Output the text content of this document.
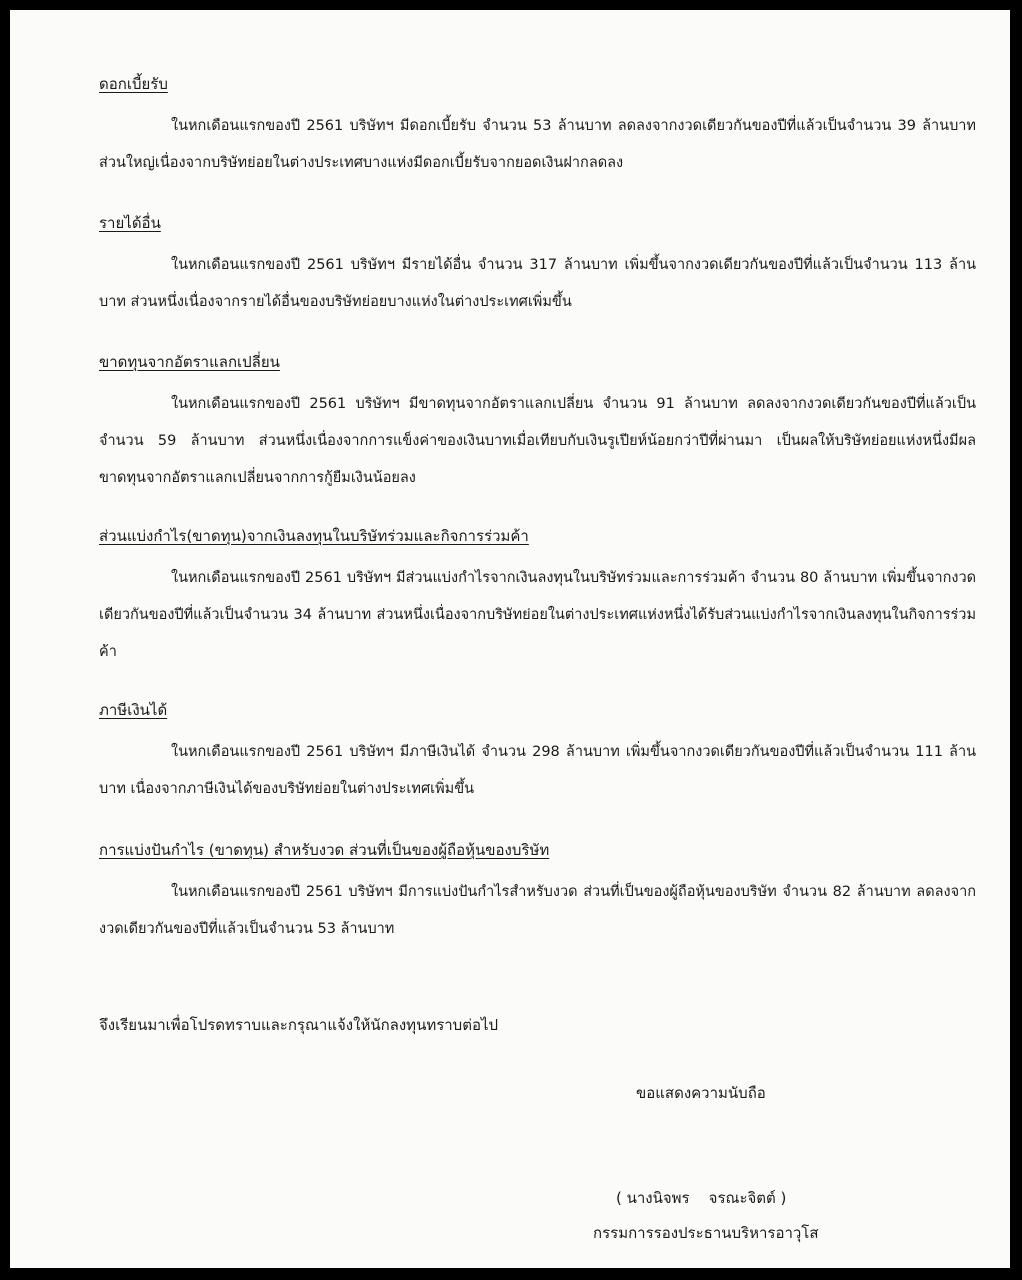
ดอกเบี้ยรับ

ในหกเดือนแรกของปี 2561 บริษัทฯ มีดอกเบี้ยรับ จำนวน 53 ล้านบาท ลดลงจากงวดเดียวกันของปีที่แล้วเป็นจำนวน 39 ล้านบาท ส่วนใหญ่เนื่องจากบริษัทย่อยในต่างประเทศบางแห่งมีดอกเบี้ยรับจากยอดเงินฝากลดลง

รายได้อื่น

ในหกเดือนแรกของปี 2561 บริษัทฯ มีรายได้อื่น จำนวน 317 ล้านบาท เพิ่มขึ้นจากงวดเดียวกันของปีที่แล้วเป็นจำนวน 113 ล้านบาท ส่วนหนึ่งเนื่องจากรายได้อื่นของบริษัทย่อยบางแห่งในต่างประเทศเพิ่มขึ้น

ขาดทุนจากอัตราแลกเปลี่ยน

ในหกเดือนแรกของปี 2561 บริษัทฯ มีขาดทุนจากอัตราแลกเปลี่ยน จำนวน 91 ล้านบาท ลดลงจากงวดเดียวกันของปีที่แล้วเป็นจำนวน 59 ล้านบาท ส่วนหนึ่งเนื่องจากการแข็งค่าของเงินบาทเมื่อเทียบกับเงินรูเปียห์น้อยกว่าปีที่ผ่านมา เป็นผลให้บริษัทย่อยแห่งหนึ่งมีผลขาดทุนจากอัตราแลกเปลี่ยนจากการกู้ยืมเงินน้อยลง

ส่วนแบ่งกำไร(ขาดทุน)จากเงินลงทุนในบริษัทร่วมและกิจการร่วมค้า

ในหกเดือนแรกของปี 2561 บริษัทฯ มีส่วนแบ่งกำไรจากเงินลงทุนในบริษัทร่วมและการร่วมค้า จำนวน 80 ล้านบาท เพิ่มขึ้นจากงวดเดียวกันของปีที่แล้วเป็นจำนวน 34 ล้านบาท ส่วนหนึ่งเนื่องจากบริษัทย่อยในต่างประเทศแห่งหนึ่งได้รับส่วนแบ่งกำไรจากเงินลงทุนในกิจการร่วมค้า

ภาษีเงินได้

ในหกเดือนแรกของปี 2561 บริษัทฯ มีภาษีเงินได้ จำนวน 298 ล้านบาท เพิ่มขึ้นจากงวดเดียวกันของปีที่แล้วเป็นจำนวน 111 ล้านบาท เนื่องจากภาษีเงินได้ของบริษัทย่อยในต่างประเทศเพิ่มขึ้น

การแบ่งปันกำไร (ขาดทุน) สำหรับงวด ส่วนที่เป็นของผู้ถือหุ้นของบริษัท

ในหกเดือนแรกของปี 2561 บริษัทฯ มีการแบ่งปันกำไรสำหรับงวด ส่วนที่เป็นของผู้ถือหุ้นของบริษัท จำนวน 82 ล้านบาท ลดลงจากงวดเดียวกันของปีที่แล้วเป็นจำนวน 53 ล้านบาท

จึงเรียนมาเพื่อโปรดทราบและกรุณาแจ้งให้นักลงทุนทราบต่อไป
ขอแสดงความนับถือ
( นางนิจพร    จรณะจิตต์ )
กรรมการรองประธานบริหารอาวุโส
